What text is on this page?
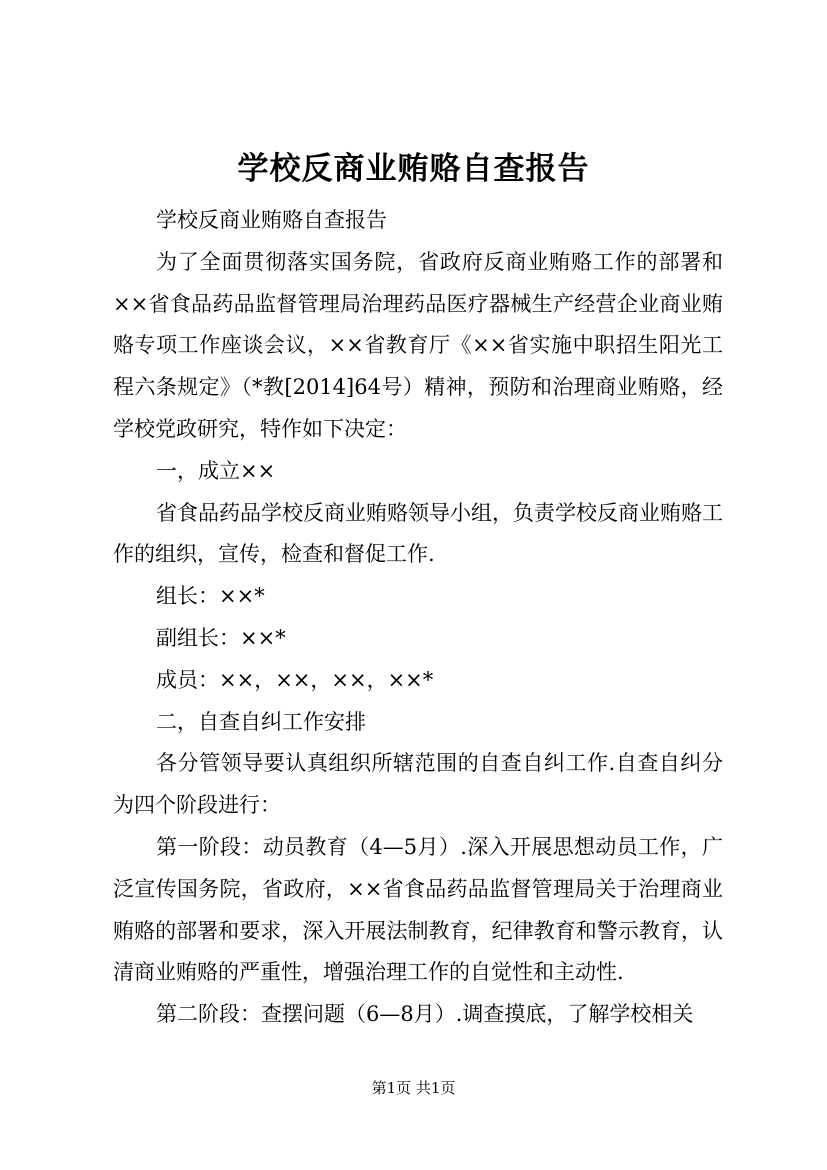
学校反商业贿赂自查报告

学校反商业贿赂自查报告

为了全面贯彻落实国务院，省政府反商业贿赂工作的部署和××省食品药品监督管理局治理药品医疗器械生产经营企业商业贿赂专项工作座谈会议，××省教育厅《××省实施中职招生阳光工程六条规定》（*教[2014]64号）精神，预防和治理商业贿赂，经学校党政研究，特作如下决定：

一，成立××

省食品药品学校反商业贿赂领导小组，负责学校反商业贿赂工作的组织，宣传，检查和督促工作.

组长：××*

副组长：××*

成员：××，××，××，××*

二，自查自纠工作安排

各分管领导要认真组织所辖范围的自查自纠工作.自查自纠分为四个阶段进行：

第一阶段：动员教育（4—5月）.深入开展思想动员工作，广泛宣传国务院，省政府，××省食品药品监督管理局关于治理商业贿赂的部署和要求，深入开展法制教育，纪律教育和警示教育，认清商业贿赂的严重性，增强治理工作的自觉性和主动性.

第二阶段：查摆问题（6—8月）.调查摸底，了解学校相关

第1页 共1页
